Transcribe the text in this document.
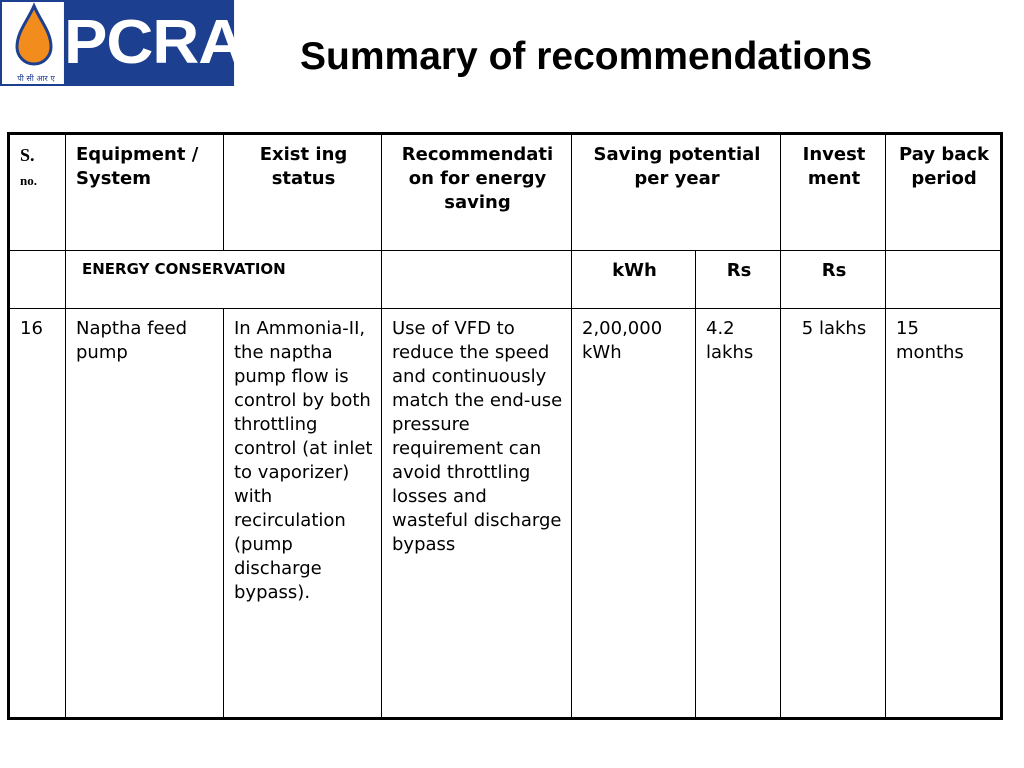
पी सी आर ए
PCRA Summary of recommendations
S.
no.	Equipment / System	Exist ing status	Recommendati on for energy saving	Saving potential per year		Invest ment	Pay back period
	ENERGY CONSERVATION			kWh	Rs	Rs	
16	Naptha feed pump	In Ammonia-II, the naptha pump flow is control by both throttling control (at inlet to vaporizer) with recirculation (pump discharge bypass).	Use of VFD to reduce the speed and continuously match the end-use pressure requirement can avoid throttling losses and wasteful discharge bypass	2,00,000 kWh	4.2 lakhs	5 lakhs	15 months
